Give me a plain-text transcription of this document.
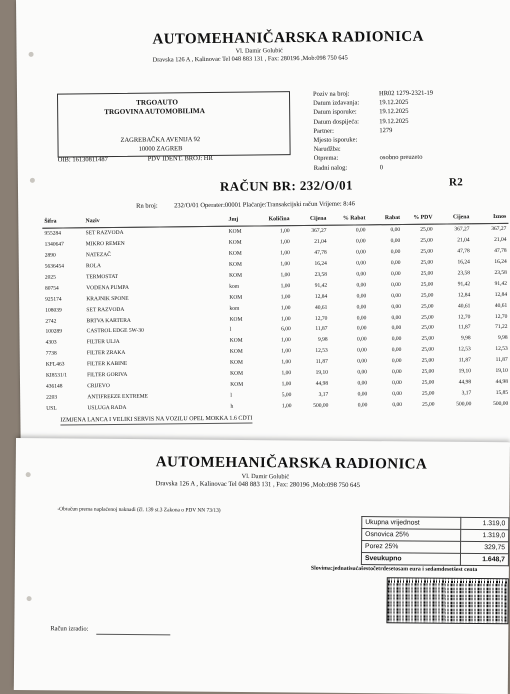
AUTOMEHANIČARSKA RADIONICA
Vl. Damir Golubić
Dravska 126 A , Kalinovac Tel 048 883 131 , Fax: 280196 ,Mob:098 750 645
TRGOAUTO
TRGOVINA AUTOMOBILIMA
ZAGREBAČKA AVENIJA 92
10000 ZAGREB
OIB: 16130811487	PDV IDENT. BROJ: HR
Poziv na broj:	HR02 1279-2321-19
Datum izdavanja:	19.12.2025
Datum isporuke:	19.12.2025
Datum dospijeća:	19.12.2025
Partner:	1279
Mjesto isporuke:
Narudžba:
Otpremа:	osobno preuzeto
Radni nalog:	0
RAČUN BR: 232/O/01	R2
Rn broj:	232/O/01 Operater:00001 Plaćanje:Transakcijski račun Vrijeme: 8:46
Šifra	Naziv	Jmj	Količina	Cijena	% Rabat	Rabat	% PDV	Cijena	Iznos
955284	SET RAZVODA	KOM	1,00	367,27	0,00	0,00	25,00	367,27	367,27
1340647	MIKRO REMEN	KOM	1,00	21,04	0,00	0,00	25,00	21,04	21,04
2890	NATEZAČ	KOM	1,00	47,78	0,00	0,00	25,00	47,78	47,78
5636454	ROLA	KOM	1,00	16,24	0,00	0,00	25,00	16,24	16,24
2025	TERMOSTAT	KOM	1,00	23,58	0,00	0,00	25,00	23,58	23,58
80754	VODENA PUMPA	kom	1,00	91,42	0,00	0,00	25,00	91,42	91,42
925174	KRAJNIK SPONE	KOM	1,00	12,84	0,00	0,00	25,00	12,84	12,84
108039	SET RAZVODA	kom	1,00	40,61	0,00	0,00	25,00	40,61	40,61
2742	BRTVA KARTERA	KOM	1,00	12,70	0,00	0,00	25,00	12,70	12,70
100289	CASTROL EDGE 5W-30	l	6,00	11,87	0,00	0,00	25,00	11,87	71,22
4303	FILTER ULJA	KOM	1,00	9,98	0,00	0,00	25,00	9,98	9,98
7738	FILTER ZRAKA	KOM	1,00	12,53	0,00	0,00	25,00	12,53	12,53
KFL463	FILTER KABINE	KOM	1,00	11,87	0,00	0,00	25,00	11,87	11,87
KI8531/1	FILTER GORIVA	KOM	1,00	19,10	0,00	0,00	25,00	19,10	19,10
436148	CRIJEVO	KOM	1,00	44,98	0,00	0,00	25,00	44,98	44,98
2203	ANTIFREEZE EXTREME	l	5,00	3,17	0,00	0,00	25,00	3,17	15,85
USL	USLUGA RADA	h	1,00	500,00	0,00	0,00	25,00	500,00	500,00
IZMJENA LANCA I VELIKI SERVIS NA VOZILU OPEL MOKKA 1.6 CDTI
AUTOMEHANIČARSKA RADIONICA
Vl. Damir Golubić
Dravska 126 A , Kalinovac Tel 048 883 131 , Fax: 280196 ,Mob:098 750 645
-Obračun prema naplaćenoj naknadi (čl. 139 st.3 Zakona o PDV NN 73/13)
Ukupna vrijednost	1.319,0
Osnovica 25%	1.319,0
Porez 25%	329,75
Sveukupno	1.648,7
Slovima:jednatisućašestočetrdesetosam eura i sedamdesetšest centa
Račun izradio:
